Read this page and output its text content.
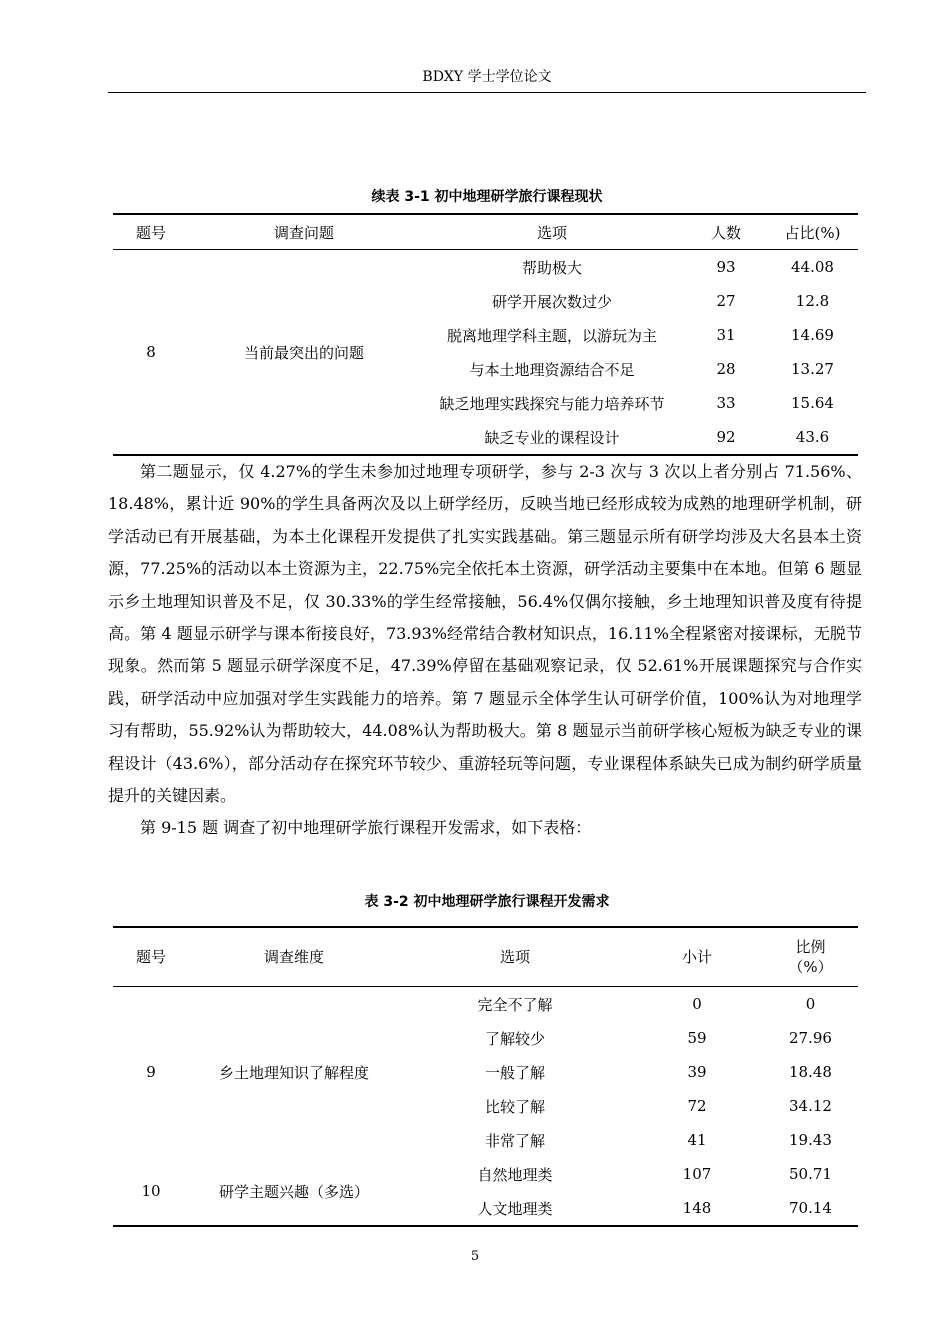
BDXY 学士学位论文
续表 3-1 初中地理研学旅行课程现状
题号	调查问题	选项	人数	占比(%)
8	当前最突出的问题	帮助极大	93	44.08
		研学开展次数过少	27	12.8
		脱离地理学科主题，以游玩为主	31	14.69
		与本土地理资源结合不足	28	13.27
		缺乏地理实践探究与能力培养环节	33	15.64
		缺乏专业的课程设计	92	43.6

第二题显示，仅 4.27%的学生未参加过地理专项研学，参与 2-3 次与 3 次以上者分别占 71.56%、18.48%，累计近 90%的学生具备两次及以上研学经历，反映当地已经形成较为成熟的地理研学机制，研学活动已有开展基础，为本土化课程开发提供了扎实实践基础。第三题显示所有研学均涉及大名县本土资源，77.25%的活动以本土资源为主，22.75%完全依托本土资源，研学活动主要集中在本地。但第 6 题显示乡土地理知识普及不足，仅 30.33%的学生经常接触，56.4%仅偶尔接触，乡土地理知识普及度有待提高。第 4 题显示研学与课本衔接良好，73.93%经常结合教材知识点，16.11%全程紧密对接课标，无脱节现象。然而第 5 题显示研学深度不足，47.39%停留在基础观察记录，仅 52.61%开展课题探究与合作实践，研学活动中应加强对学生实践能力的培养。第 7 题显示全体学生认可研学价值，100%认为对地理学习有帮助，55.92%认为帮助较大，44.08%认为帮助极大。第 8 题显示当前研学核心短板为缺乏专业的课程设计（43.6%），部分活动存在探究环节较少、重游轻玩等问题，专业课程体系缺失已成为制约研学质量提升的关键因素。

第 9-15 题 调查了初中地理研学旅行课程开发需求，如下表格：

表 3-2 初中地理研学旅行课程开发需求
题号	调查维度	选项	小计	比例
（%）

9	乡土地理知识了解程度	完全不了解	0	0
		了解较少	59	27.96
		一般了解	39	18.48
		比较了解	72	34.12
		非常了解	41	19.43
10	研学主题兴趣（多选）	自然地理类	107	50.71
		人文地理类	148	70.14
5
